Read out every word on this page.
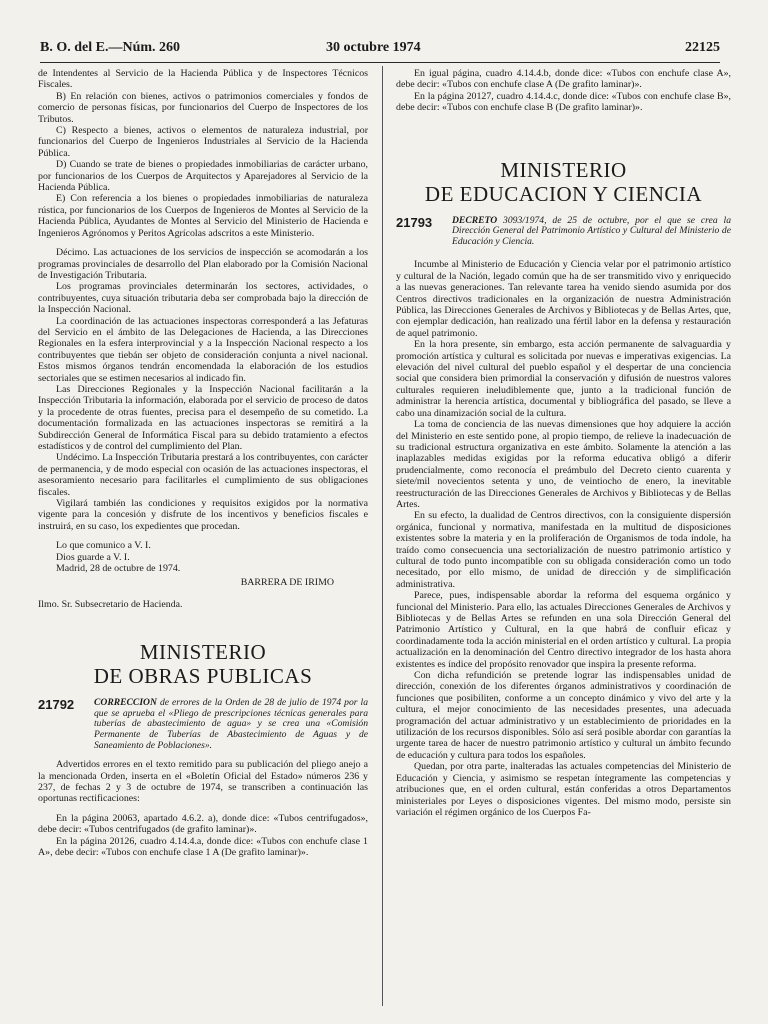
B. O. del E.—Núm. 260	30 octubre 1974	22125

de Intendentes al Servicio de la Hacienda Pública y de Inspectores Técnicos Fiscales.

B) En relación con bienes, activos o patrimonios comerciales y fondos de comercio de personas físicas, por funcionarios del Cuerpo de Inspectores de los Tributos.

C) Respecto a bienes, activos o elementos de naturaleza industrial, por funcionarios del Cuerpo de Ingenieros Industriales al Servicio de la Hacienda Pública.

D) Cuando se trate de bienes o propiedades inmobiliarias de carácter urbano, por funcionarios de los Cuerpos de Arquitectos y Aparejadores al Servicio de la Hacienda Pública.

E) Con referencia a los bienes o propiedades inmobiliarias de naturaleza rústica, por funcionarios de los Cuerpos de Ingenieros de Montes al Servicio de la Hacienda Pública, Ayudantes de Montes al Servicio del Ministerio de Hacienda e Ingenieros Agrónomos y Peritos Agrícolas adscritos a este Ministerio.

Décimo. Las actuaciones de los servicios de inspección se acomodarán a los programas provinciales de desarrollo del Plan elaborado por la Comisión Nacional de Investigación Tributaria.

Los programas provinciales determinarán los sectores, actividades, o contribuyentes, cuya situación tributaria deba ser comprobada bajo la dirección de la Inspección Nacional.

La coordinación de las actuaciones inspectoras corresponderá a las Jefaturas del Servicio en el ámbito de las Delegaciones de Hacienda, a las Direcciones Regionales en la esfera interprovincial y a la Inspección Nacional respecto a los contribuyentes que tiebán ser objeto de consideración conjunta a nivel nacional. Estos mismos órganos tendrán encomendada la elaboración de los estudios sectoriales que se estimen necesarios al indicado fin.

Las Direcciones Regionales y la Inspección Nacional facilitarán a la Inspección Tributaria la información, elaborada por el servicio de proceso de datos y la procedente de otras fuentes, precisa para el desempeño de su cometido. La documentación formalizada en las actuaciones inspectoras se remitirá a la Subdirección General de Informática Fiscal para su debido tratamiento a efectos estadísticos y de control del cumplimiento del Plan.

Undécimo. La Inspección Tributaria prestará a los contribuyentes, con carácter de permanencia, y de modo especial con ocasión de las actuaciones inspectoras, el asesoramiento necesario para facilitarles el cumplimiento de sus obligaciones fiscales.

Vigilará también las condiciones y requisitos exigidos por la normativa vigente para la concesión y disfrute de los incentivos y beneficios fiscales e instruirá, en su caso, los expedientes que procedan.

Lo que comunico a V. I.

Dios guarde a V. I.

Madrid, 28 de octubre de 1974.

BARRERA DE IRIMO
Ilmo. Sr. Subsecretario de Hacienda.
MINISTERIO
DE OBRAS PUBLICAS
21792	CORRECCION de errores de la Orden de 28 de julio de 1974 por la que se aprueba el «Pliego de prescripciones técnicas generales para tuberías de abastecimiento de agua» y se crea una «Comisión Permanente de Tuberías de Abastecimiento de Aguas y de Saneamiento de Poblaciones».

Advertidos errores en el texto remitido para su publicación del pliego anejo a la mencionada Orden, inserta en el «Boletín Oficial del Estado» números 236 y 237, de fechas 2 y 3 de octubre de 1974, se transcriben a continuación las oportunas rectificaciones:

En la página 20063, apartado 4.6.2. a), donde dice: «Tubos centrifugados», debe decir: «Tubos centrifugados (de grafito laminar)».

En la página 20126, cuadro 4.14.4.a, donde dice: «Tubos con enchufe clase 1 A», debe decir: «Tubos con enchufe clase 1 A (De grafito laminar)».

En igual página, cuadro 4.14.4.b, donde dice: «Tubos con enchufe clase A», debe decir: «Tubos con enchufe clase A (De grafito laminar)».

En la página 20127, cuadro 4.14.4.c, donde dice: «Tubos con enchufe clase B», debe decir: «Tubos con enchufe clase B (De grafito laminar)».

MINISTERIO
DE EDUCACION Y CIENCIA
21793	DECRETO 3093/1974, de 25 de octubre, por el que se crea la Dirección General del Patrimonio Artístico y Cultural del Ministerio de Educación y Ciencia.

Incumbe al Ministerio de Educación y Ciencia velar por el patrimonio artístico y cultural de la Nación, legado común que ha de ser transmitido vivo y enriquecido a las nuevas generaciones. Tan relevante tarea ha venido siendo asumida por dos Centros directivos tradicionales en la organización de nuestra Administración Pública, las Direcciones Generales de Archivos y Bibliotecas y de Bellas Artes, que, con ejemplar dedicación, han realizado una fértil labor en la defensa y restauración de aquel patrimonio.

En la hora presente, sin embargo, esta acción permanente de salvaguardia y promoción artística y cultural es solicitada por nuevas e imperativas exigencias. La elevación del nivel cultural del pueblo español y el despertar de una conciencia social que considera bien primordial la conservación y difusión de nuestros valores culturales requieren ineludiblemente que, junto a la tradicional función de administrar la herencia artística, documental y bibliográfica del pasado, se lleve a cabo una dinamización social de la cultura.

La toma de conciencia de las nuevas dimensiones que hoy adquiere la acción del Ministerio en este sentido pone, al propio tiempo, de relieve la inadecuación de su tradicional estructura organizativa en este ámbito. Solamente la atención a las inaplazables medidas exigidas por la reforma educativa obligó a diferir prudencialmente, como reconocía el preámbulo del Decreto ciento cuarenta y siete/mil novecientos setenta y uno, de veintiocho de enero, la inevitable reestructuración de las Direcciones Generales de Archivos y Bibliotecas y de Bellas Artes.

En su efecto, la dualidad de Centros directivos, con la consiguiente dispersión orgánica, funcional y normativa, manifestada en la multitud de disposiciones existentes sobre la materia y en la proliferación de Organismos de toda índole, ha traído como consecuencia una sectorialización de nuestro patrimonio artístico y cultural de todo punto incompatible con su obligada consideración como un todo necesitado, por ello mismo, de unidad de dirección y de simplificación administrativa.

Parece, pues, indispensable abordar la reforma del esquema orgánico y funcional del Ministerio. Para ello, las actuales Direcciones Generales de Archivos y Bibliotecas y de Bellas Artes se refunden en una sola Dirección General del Patrimonio Artístico y Cultural, en la que habrá de confluir eficaz y coordinadamente toda la acción ministerial en el orden artístico y cultural. La propia actualización en la denominación del Centro directivo integrador de los hasta ahora existentes es índice del propósito renovador que inspira la presente reforma.

Con dicha refundición se pretende lograr las indispensables unidad de dirección, conexión de los diferentes órganos administrativos y coordinación de funciones que posibiliten, conforme a un concepto dinámico y vivo del arte y la cultura, el mejor conocimiento de las necesidades presentes, una adecuada programación del actuar administrativo y un establecimiento de prioridades en la utilización de los recursos disponibles. Sólo así será posible abordar con garantías la urgente tarea de hacer de nuestro patrimonio artístico y cultural un ámbito fecundo de educación y cultura para todos los españoles.

Quedan, por otra parte, inalteradas las actuales competencias del Ministerio de Educación y Ciencia, y asimismo se respetan íntegramente las competencias y atribuciones que, en el orden cultural, están conferidas a otros Departamentos ministeriales por Leyes o disposiciones vigentes. Del mismo modo, persiste sin variación el régimen orgánico de los Cuerpos Fa-
